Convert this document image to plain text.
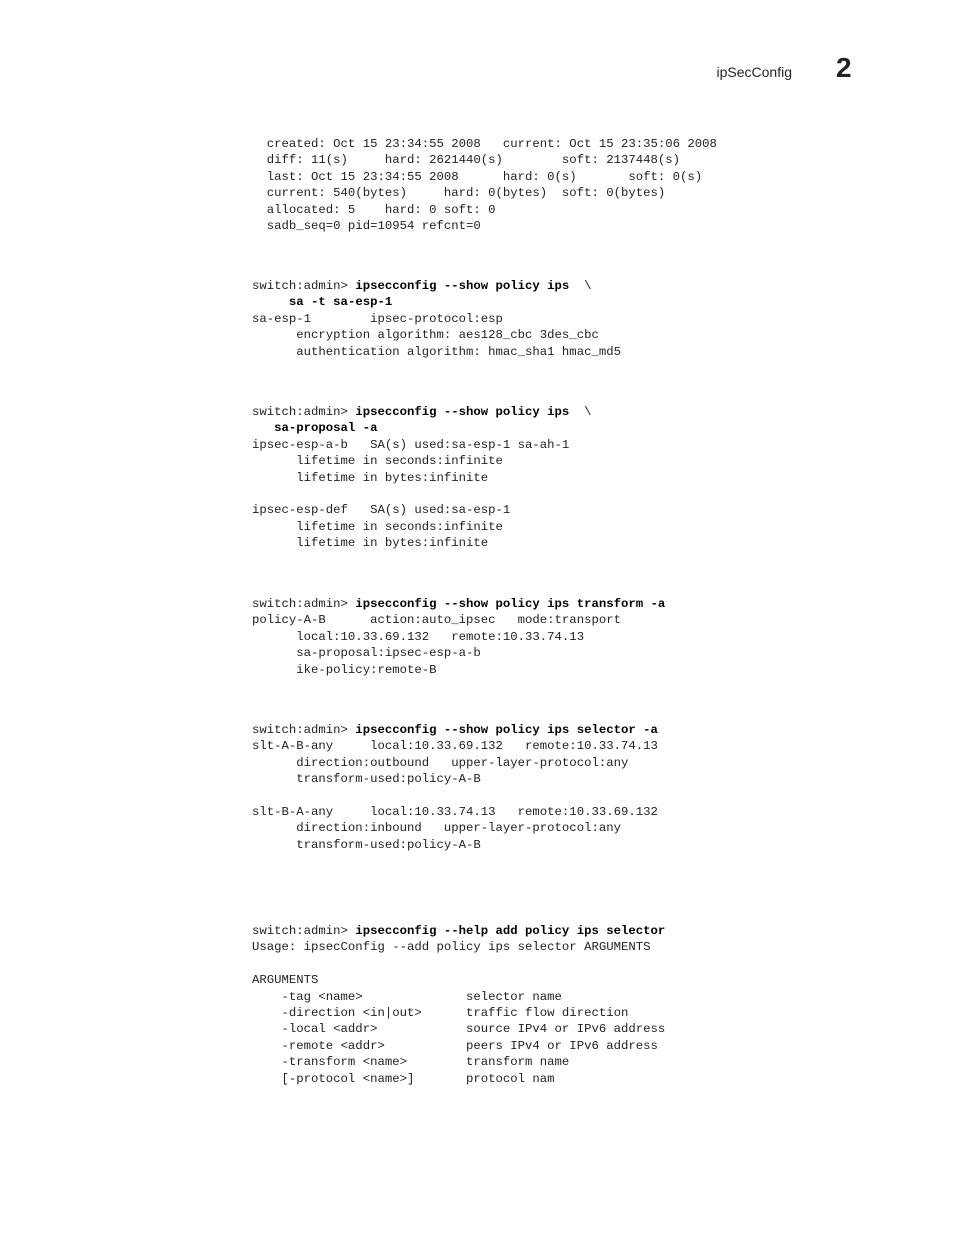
ipSecConfig 2
created: Oct 15 23:34:55 2008   current: Oct 15 23:35:06 2008
diff: 11(s)     hard: 2621440(s)        soft: 2137448(s)
last: Oct 15 23:34:55 2008      hard: 0(s)       soft: 0(s)
current: 540(bytes)     hard: 0(bytes)  soft: 0(bytes)
allocated: 5    hard: 0 soft: 0
sadb_seq=0 pid=10954 refcnt=0
switch:admin> ipsecconfig --show policy ips  \
sa -t sa-esp-1
sa-esp-1        ipsec-protocol:esp
encryption algorithm: aes128_cbc 3des_cbc
authentication algorithm: hmac_sha1 hmac_md5
switch:admin> ipsecconfig --show policy ips  \
sa-proposal -a
ipsec-esp-a-b   SA(s) used:sa-esp-1 sa-ah-1
lifetime in seconds:infinite
lifetime in bytes:infinite
ipsec-esp-def   SA(s) used:sa-esp-1
lifetime in seconds:infinite
lifetime in bytes:infinite
switch:admin> ipsecconfig --show policy ips transform -a
policy-A-B      action:auto_ipsec   mode:transport
local:10.33.69.132   remote:10.33.74.13
sa-proposal:ipsec-esp-a-b
ike-policy:remote-B
switch:admin> ipsecconfig --show policy ips selector -a
slt-A-B-any     local:10.33.69.132   remote:10.33.74.13
direction:outbound   upper-layer-protocol:any
transform-used:policy-A-B
slt-B-A-any     local:10.33.74.13   remote:10.33.69.132
direction:inbound   upper-layer-protocol:any
transform-used:policy-A-B
switch:admin> ipsecconfig --help add policy ips selector
Usage: ipsecConfig --add policy ips selector ARGUMENTS
ARGUMENTS
-tag <name>              selector name
-direction <in|out>      traffic flow direction
-local <addr>            source IPv4 or IPv6 address
-remote <addr>           peers IPv4 or IPv6 address
-transform <name>        transform name
[-protocol <name>]       protocol nam
